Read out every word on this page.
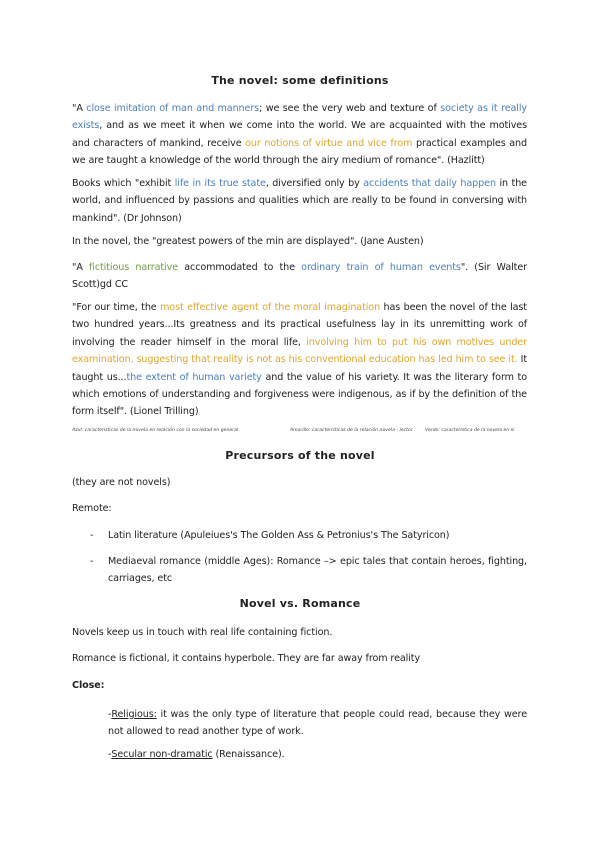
The novel: some definitions
"A close imitation of man and manners; we see the very web and texture of society as it really exists, and as we meet it when we come into the world. We are acquainted with the motives and characters of mankind, receive our notions of virtue and vice from practical examples and we are taught a knowledge of the world through the airy medium of romance". (Hazlitt)
Books which "exhibit life in its true state, diversified only by accidents that daily happen in the world, and influenced by passions and qualities which are really to be found in conversing with mankind". (Dr Johnson)
In the novel, the "greatest powers of the min are displayed". (Jane Austen)
"A fictitious narrative accommodated to the ordinary train of human events". (Sir Walter Scott)gd CC
"For our time, the most effective agent of the moral imagination has been the novel of the last two hundred years...Its greatness and its practical usefulness lay in its unremitting work of involving the reader himself in the moral life, involving him to put his own motives under examination, suggesting that reality is not as his conventional education has led him to see it. It taught us...the extent of human variety and the value of his variety. It was the literary form to which emotions of understanding and forgiveness were indigenous, as if by the definition of the form itself". (Lionel Trilling)
Azul: características de la novela en relación con la sociedad en general	Amarillo: características de la relación novela - lector	Verde: característica de la novela en sí
Precursors of the novel
(they are not novels)
Remote:
- Latin literature (Apuleiues's The Golden Ass & Petronius's The Satyricon)
- Mediaeval romance (middle Ages): Romance –> epic tales that contain heroes, fighting, carriages, etc
Novel vs. Romance
Novels keep us in touch with real life containing fiction.
Romance is fictional, it contains hyperbole. They are far away from reality
Close:
-Religious: it was the only type of literature that people could read, because they were not allowed to read another type of work.
-Secular non-dramatic (Renaissance).
